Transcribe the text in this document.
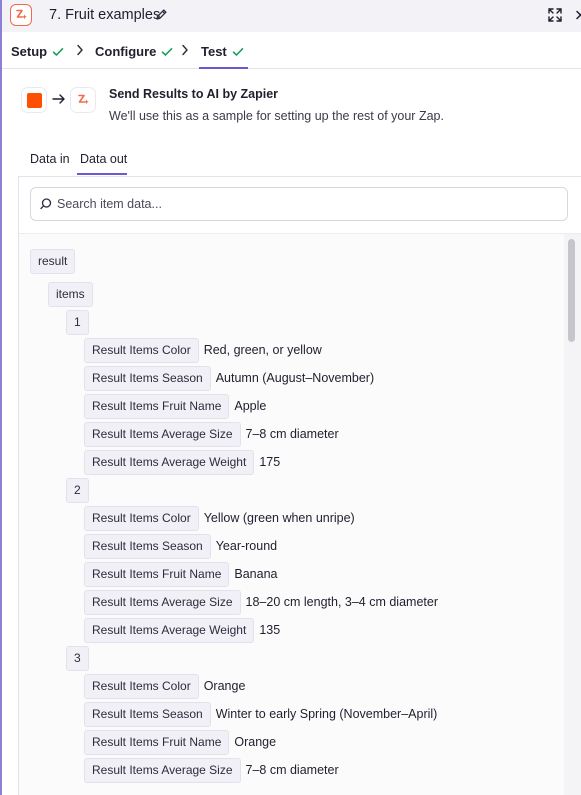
7. Fruit examples
Setup	Configure	Test
Send Results to AI by Zapier
We'll use this as a sample for setting up the rest of your Zap.
Data in Data out
Search item data...
result
items
1
Result Items Color	Red, green, or yellow
Result Items Season	Autumn (August–November)
Result Items Fruit Name	Apple
Result Items Average Size	7–8 cm diameter
Result Items Average Weight	175
2
Result Items Color	Yellow (green when unripe)
Result Items Season	Year-round
Result Items Fruit Name	Banana
Result Items Average Size	18–20 cm length, 3–4 cm diameter
Result Items Average Weight	135
3
Result Items Color	Orange
Result Items Season	Winter to early Spring (November–April)
Result Items Fruit Name	Orange
Result Items Average Size	7–8 cm diameter
